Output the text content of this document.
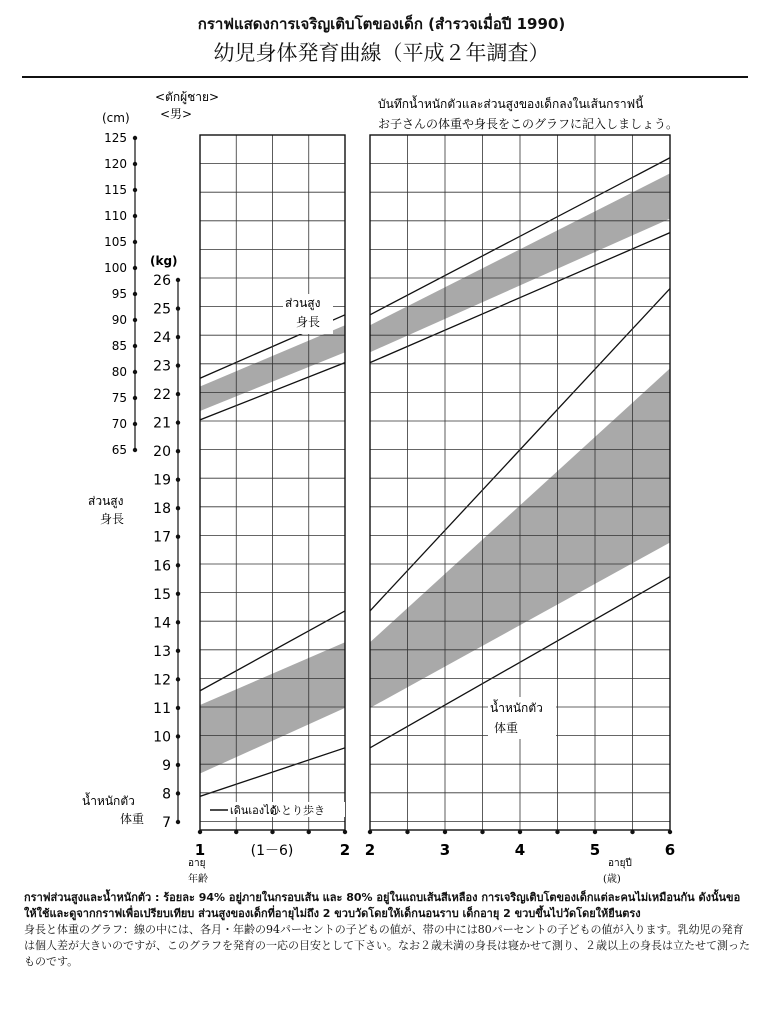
กราฟแสดงการเจริญเติบโตของเด็ก (สำรวจเมื่อปี 1990)
幼児身体発育曲線（平成２年調査）
125
120
115
110
105
100
95
90
85
80
75
70
65
26
25
24
23
22
21
20
19
18
17
16
15
14
13
12
11
10
9
8
7
1	2 2	3	4	5	6
<ตักผู้ชาย>
<男>
บันทึกน้ำหนักตัวและส่วนสูงของเด็กลงในเส้นกราฟนี้
お子さんの体重や身長をこのグラフに記入しましょう。
(cm)
(kg)
ส่วนสูง
身長
น้ำหนักตัว
体重
ส่วนสูง
身長
น้ำหนักตัว
体重
เดินเองได้
ひとり歩き
อายุ
年齢
(1－6)
อายุปี
(歳)
กราฟส่วนสูงและน้ำหนักตัว : ร้อยละ 94% อยู่ภายในกรอบเส้น และ 80% อยู่ในแถบเส้นสีเหลือง การเจริญเติบโตของเด็กแต่ละคนไม่เหมือนกัน ดังนั้นขอให้ใช้และดูจากกราฟเพื่อเปรียบเทียบ ส่วนสูงของเด็กที่อายุไม่ถึง 2 ขวบวัดโดยให้เด็กนอนราบ เด็กอายุ 2 ขวบขึ้นไปวัดโดยให้ยืนตรง
身長と体重のグラフ：線の中には、各月・年齢の94パーセントの子どもの値が、帯の中には80パーセントの子どもの値が入ります。乳幼児の発育は個人差が大きいのですが、このグラフを発育の一応の目安として下さい。なお２歳未満の身長は寝かせて測り、２歳以上の身長は立たせて測ったものです。
